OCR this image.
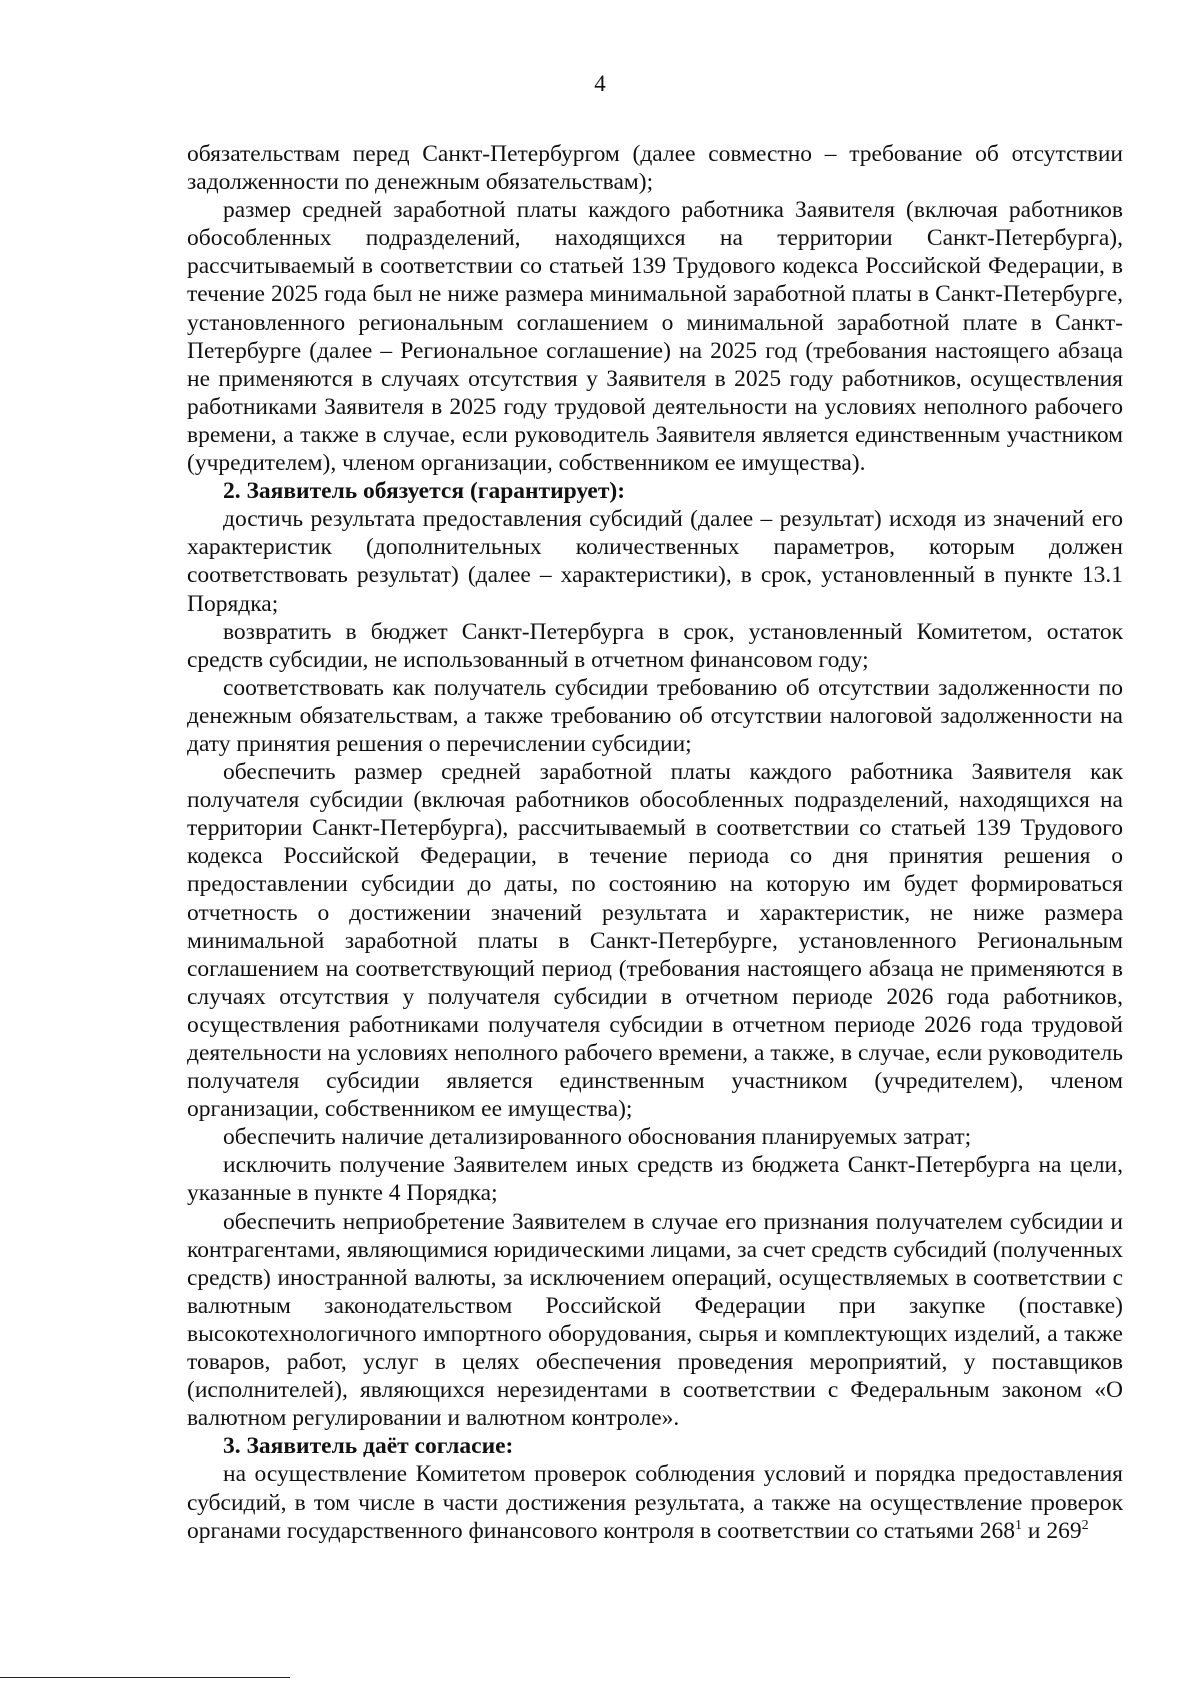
4

обязательствам перед Санкт-Петербургом (далее совместно – требование об отсутствии задолженности по денежным обязательствам);

размер средней заработной платы каждого работника Заявителя (включая работников обособленных подразделений, находящихся на территории Санкт-Петербурга), рассчитываемый в соответствии со статьей 139 Трудового кодекса Российской Федерации, в течение 2025 года был не ниже размера минимальной заработной платы в Санкт-Петербурге, установленного региональным соглашением о минимальной заработной плате в Санкт-Петербурге (далее – Региональное соглашение) на 2025 год (требования настоящего абзаца не применяются в случаях отсутствия у Заявителя в 2025 году работников, осуществления работниками Заявителя в 2025 году трудовой деятельности на условиях неполного рабочего времени, а также в случае, если руководитель Заявителя является единственным участником (учредителем), членом организации, собственником ее имущества).

2. Заявитель обязуется (гарантирует):

достичь результата предоставления субсидий (далее – результат) исходя из значений его характеристик (дополнительных количественных параметров, которым должен соответствовать результат) (далее – характеристики), в срок, установленный в пункте 13.1 Порядка;

возвратить в бюджет Санкт-Петербурга в срок, установленный Комитетом, остаток средств субсидии, не использованный в отчетном финансовом году;

соответствовать как получатель субсидии требованию об отсутствии задолженности по денежным обязательствам, а также требованию об отсутствии налоговой задолженности на дату принятия решения о перечислении субсидии;

обеспечить размер средней заработной платы каждого работника Заявителя как получателя субсидии (включая работников обособленных подразделений, находящихся на территории Санкт-Петербурга), рассчитываемый в соответствии со статьей 139 Трудового кодекса Российской Федерации, в течение периода со дня принятия решения о предоставлении субсидии до даты, по состоянию на которую им будет формироваться отчетность о достижении значений результата и характеристик, не ниже размера минимальной заработной платы в Санкт-Петербурге, установленного Региональным соглашением на соответствующий период (требования настоящего абзаца не применяются в случаях отсутствия у получателя субсидии в отчетном периоде 2026 года работников, осуществления работниками получателя субсидии в отчетном периоде 2026 года трудовой деятельности на условиях неполного рабочего времени, а также, в случае, если руководитель получателя субсидии является единственным участником (учредителем), членом организации, собственником ее имущества);

обеспечить наличие детализированного обоснования планируемых затрат;

исключить получение Заявителем иных средств из бюджета Санкт-Петербурга на цели, указанные в пункте 4 Порядка;

обеспечить неприобретение Заявителем в случае его признания получателем субсидии и контрагентами, являющимися юридическими лицами, за счет средств субсидий (полученных средств) иностранной валюты, за исключением операций, осуществляемых в соответствии с валютным законодательством Российской Федерации при закупке (поставке) высокотехнологичного импортного оборудования, сырья и комплектующих изделий, а также товаров, работ, услуг в целях обеспечения проведения мероприятий, у поставщиков (исполнителей), являющихся нерезидентами в соответствии с Федеральным законом «О валютном регулировании и валютном контроле».

3. Заявитель даёт согласие:

на осуществление Комитетом проверок соблюдения условий и порядка предоставления субсидий, в том числе в части достижения результата, а также на осуществление проверок органами государственного финансового контроля в соответствии со статьями $268^1$ и $269^2$
